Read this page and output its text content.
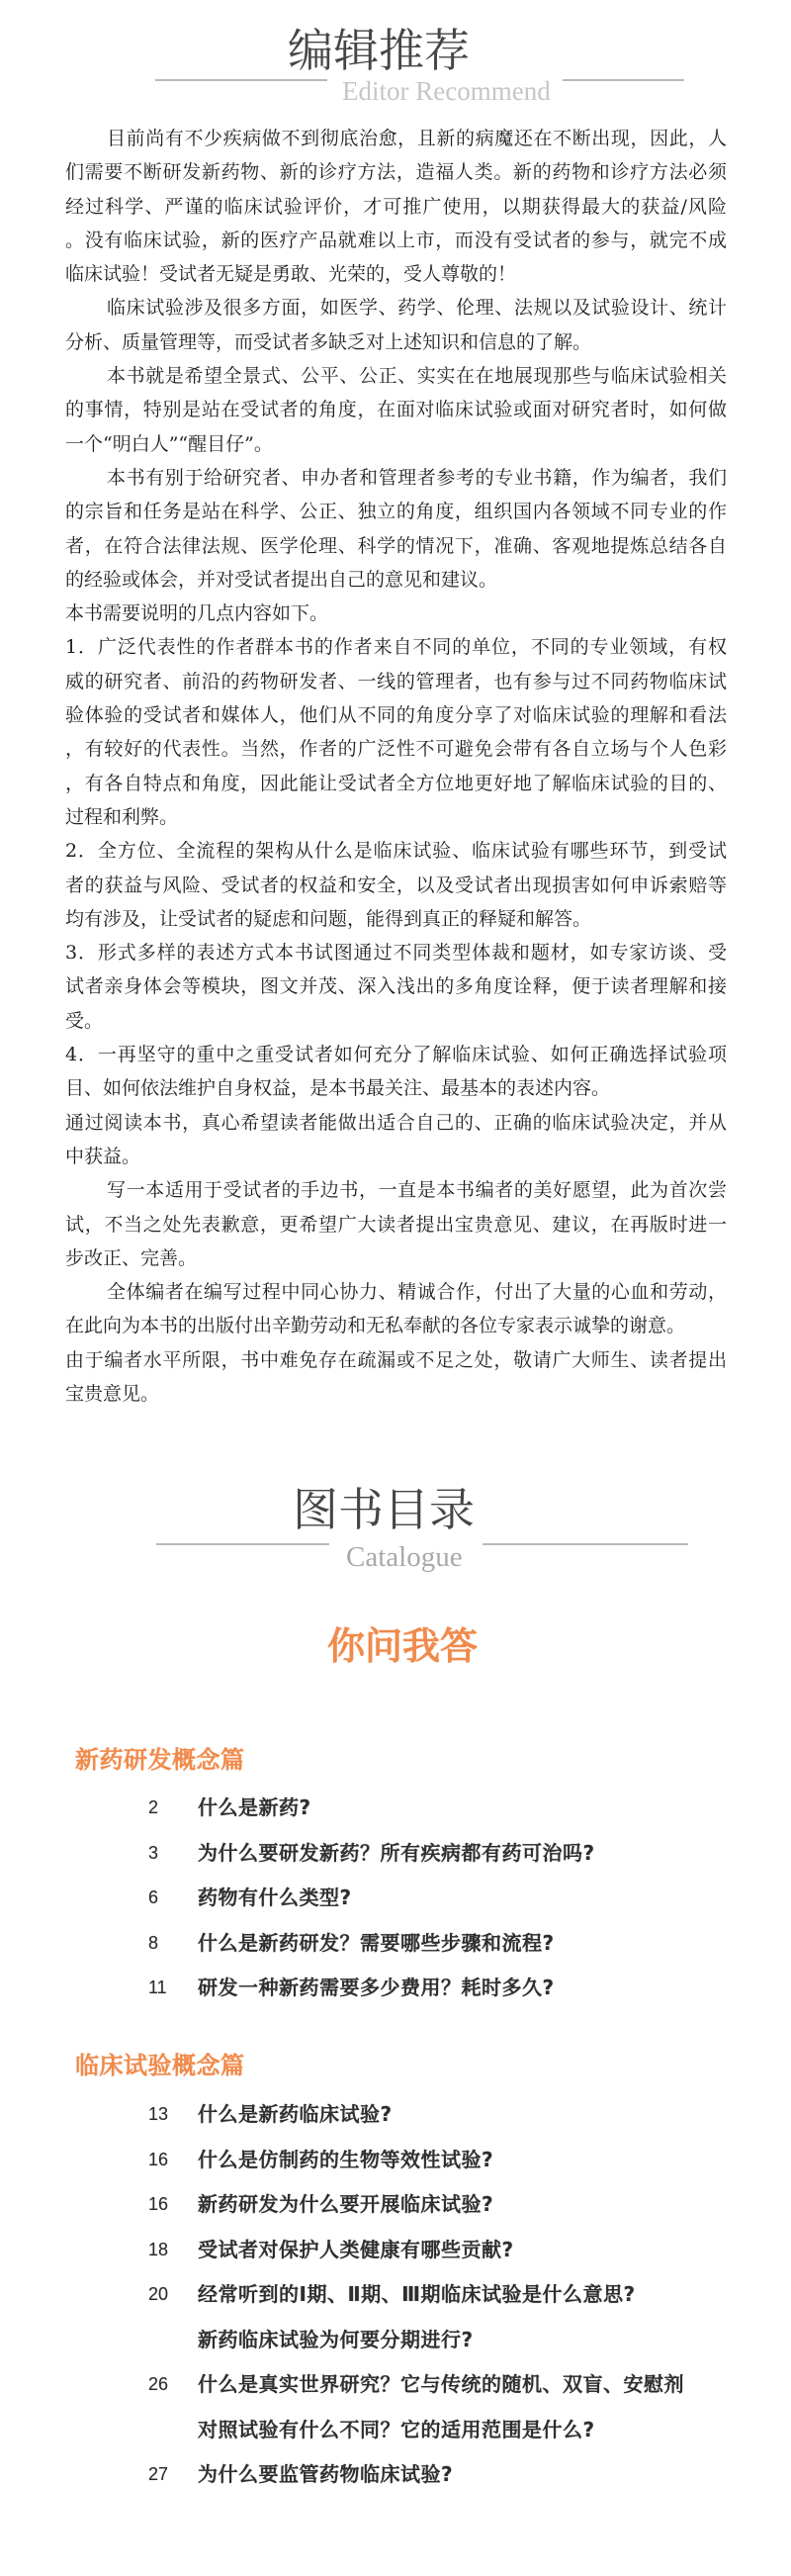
编辑推荐
Editor Recommend
目前尚有不少疾病做不到彻底治愈，且新的病魔还在不断出现，因此，人
们需要不断研发新药物、新的诊疗方法，造福人类。新的药物和诊疗方法必须
经过科学、严谨的临床试验评价，才可推广使用，以期获得最大的获益/风险
。没有临床试验，新的医疗产品就难以上市，而没有受试者的参与，就完不成
临床试验！受试者无疑是勇敢、光荣的，受人尊敬的！
临床试验涉及很多方面，如医学、药学、伦理、法规以及试验设计、统计
分析、质量管理等，而受试者多缺乏对上述知识和信息的了解。
本书就是希望全景式、公平、公正、实实在在地展现那些与临床试验相关
的事情，特别是站在受试者的角度，在面对临床试验或面对研究者时，如何做
一个“明白人”“醒目仔”。
本书有别于给研究者、申办者和管理者参考的专业书籍，作为编者，我们
的宗旨和任务是站在科学、公正、独立的角度，组织国内各领域不同专业的作
者，在符合法律法规、医学伦理、科学的情况下，准确、客观地提炼总结各自
的经验或体会，并对受试者提出自己的意见和建议。
本书需要说明的几点内容如下。
1．广泛代表性的作者群本书的作者来自不同的单位，不同的专业领域，有权
威的研究者、前沿的药物研发者、一线的管理者，也有参与过不同药物临床试
验体验的受试者和媒体人，他们从不同的角度分享了对临床试验的理解和看法
，有较好的代表性。当然，作者的广泛性不可避免会带有各自立场与个人色彩
，有各自特点和角度，因此能让受试者全方位地更好地了解临床试验的目的、
过程和利弊。
2．全方位、全流程的架构从什么是临床试验、临床试验有哪些环节，到受试
者的获益与风险、受试者的权益和安全，以及受试者出现损害如何申诉索赔等
均有涉及，让受试者的疑虑和问题，能得到真正的释疑和解答。
3．形式多样的表述方式本书试图通过不同类型体裁和题材，如专家访谈、受
试者亲身体会等模块，图文并茂、深入浅出的多角度诠释，便于读者理解和接
受。
4．一再坚守的重中之重受试者如何充分了解临床试验、如何正确选择试验项
目、如何依法维护自身权益，是本书最关注、最基本的表述内容。
通过阅读本书，真心希望读者能做出适合自己的、正确的临床试验决定，并从
中获益。
写一本适用于受试者的手边书，一直是本书编者的美好愿望，此为首次尝
试，不当之处先表歉意，更希望广大读者提出宝贵意见、建议，在再版时进一
步改正、完善。
全体编者在编写过程中同心协力、精诚合作，付出了大量的心血和劳动，
在此向为本书的出版付出辛勤劳动和无私奉献的各位专家表示诚挚的谢意。
由于编者水平所限，书中难免存在疏漏或不足之处，敬请广大师生、读者提出
宝贵意见。
图书目录
Catalogue
你问我答
新药研发概念篇
2	什么是新药?
3	为什么要研发新药？所有疾病都有药可治吗?
6	药物有什么类型?
8	什么是新药研发？需要哪些步骤和流程?
11	研发一种新药需要多少费用？耗时多久?
临床试验概念篇
13	什么是新药临床试验?
16	什么是仿制药的生物等效性试验?
16	新药研发为什么要开展临床试验?
18	受试者对保护人类健康有哪些贡献?
20	经常听到的Ⅰ期、Ⅱ期、Ⅲ期临床试验是什么意思?
新药临床试验为何要分期进行?
26	什么是真实世界研究？它与传统的随机、双盲、安慰剂
对照试验有什么不同？它的适用范围是什么?
27	为什么要监管药物临床试验?
